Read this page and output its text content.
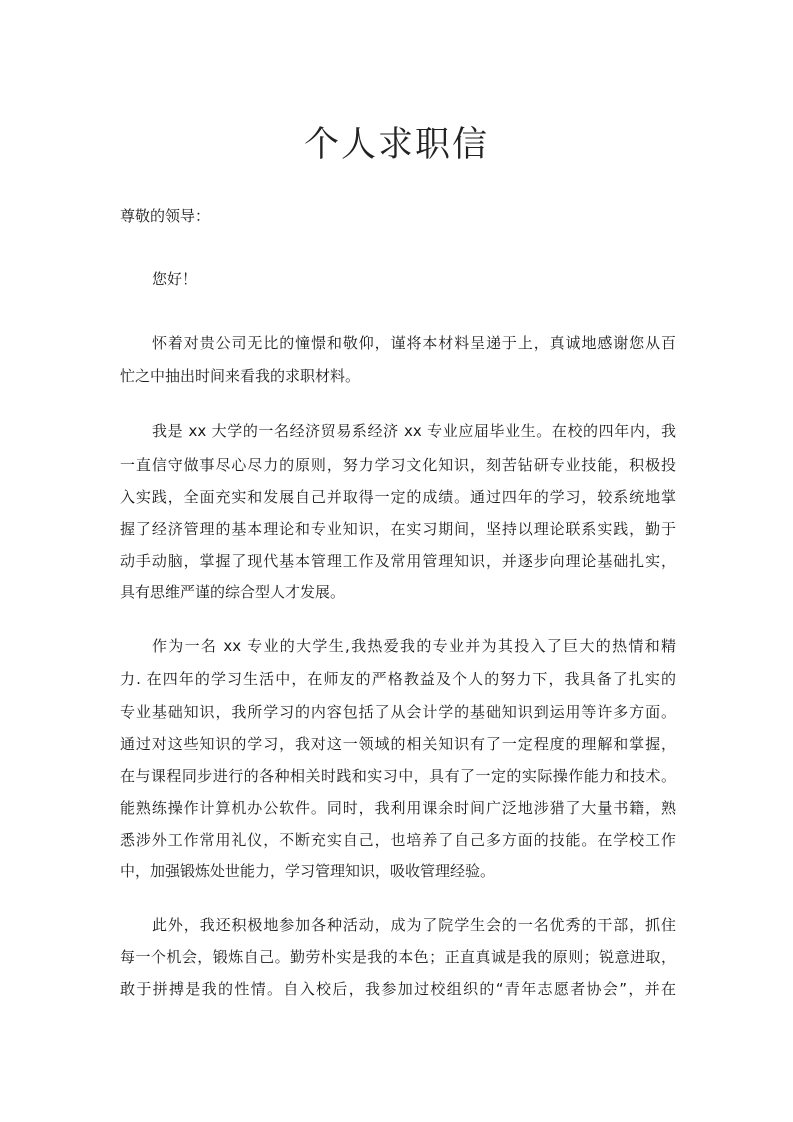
个人求职信
尊敬的领导：
您好！
怀着对贵公司无比的憧憬和敬仰，谨将本材料呈递于上，真诚地感谢您从百
忙之中抽出时间来看我的求职材料。
我是 xx 大学的一名经济贸易系经济 xx 专业应届毕业生。在校的四年内，我
一直信守做事尽心尽力的原则，努力学习文化知识，刻苦钻研专业技能，积极投
入实践，全面充实和发展自己并取得一定的成绩。通过四年的学习，较系统地掌
握了经济管理的基本理论和专业知识，在实习期间，坚持以理论联系实践，勤于
动手动脑，掌握了现代基本管理工作及常用管理知识，并逐步向理论基础扎实，
具有思维严谨的综合型人才发展。
作为一名 xx 专业的大学生,我热爱我的专业并为其投入了巨大的热情和精
力. 在四年的学习生活中，在师友的严格教益及个人的努力下，我具备了扎实的
专业基础知识，我所学习的内容包括了从会计学的基础知识到运用等许多方面。
通过对这些知识的学习，我对这一领域的相关知识有了一定程度的理解和掌握，
在与课程同步进行的各种相关时践和实习中，具有了一定的实际操作能力和技术。
能熟练操作计算机办公软件。同时，我利用课余时间广泛地涉猎了大量书籍，熟
悉涉外工作常用礼仪，不断充实自己，也培养了自己多方面的技能。在学校工作
中，加强锻炼处世能力，学习管理知识，吸收管理经验。
此外，我还积极地参加各种活动，成为了院学生会的一名优秀的干部，抓住
每一个机会，锻炼自己。勤劳朴实是我的本色；正直真诚是我的原则；锐意进取，
敢于拼搏是我的性情。自入校后，我参加过校组织的“青年志愿者协会”，并在
